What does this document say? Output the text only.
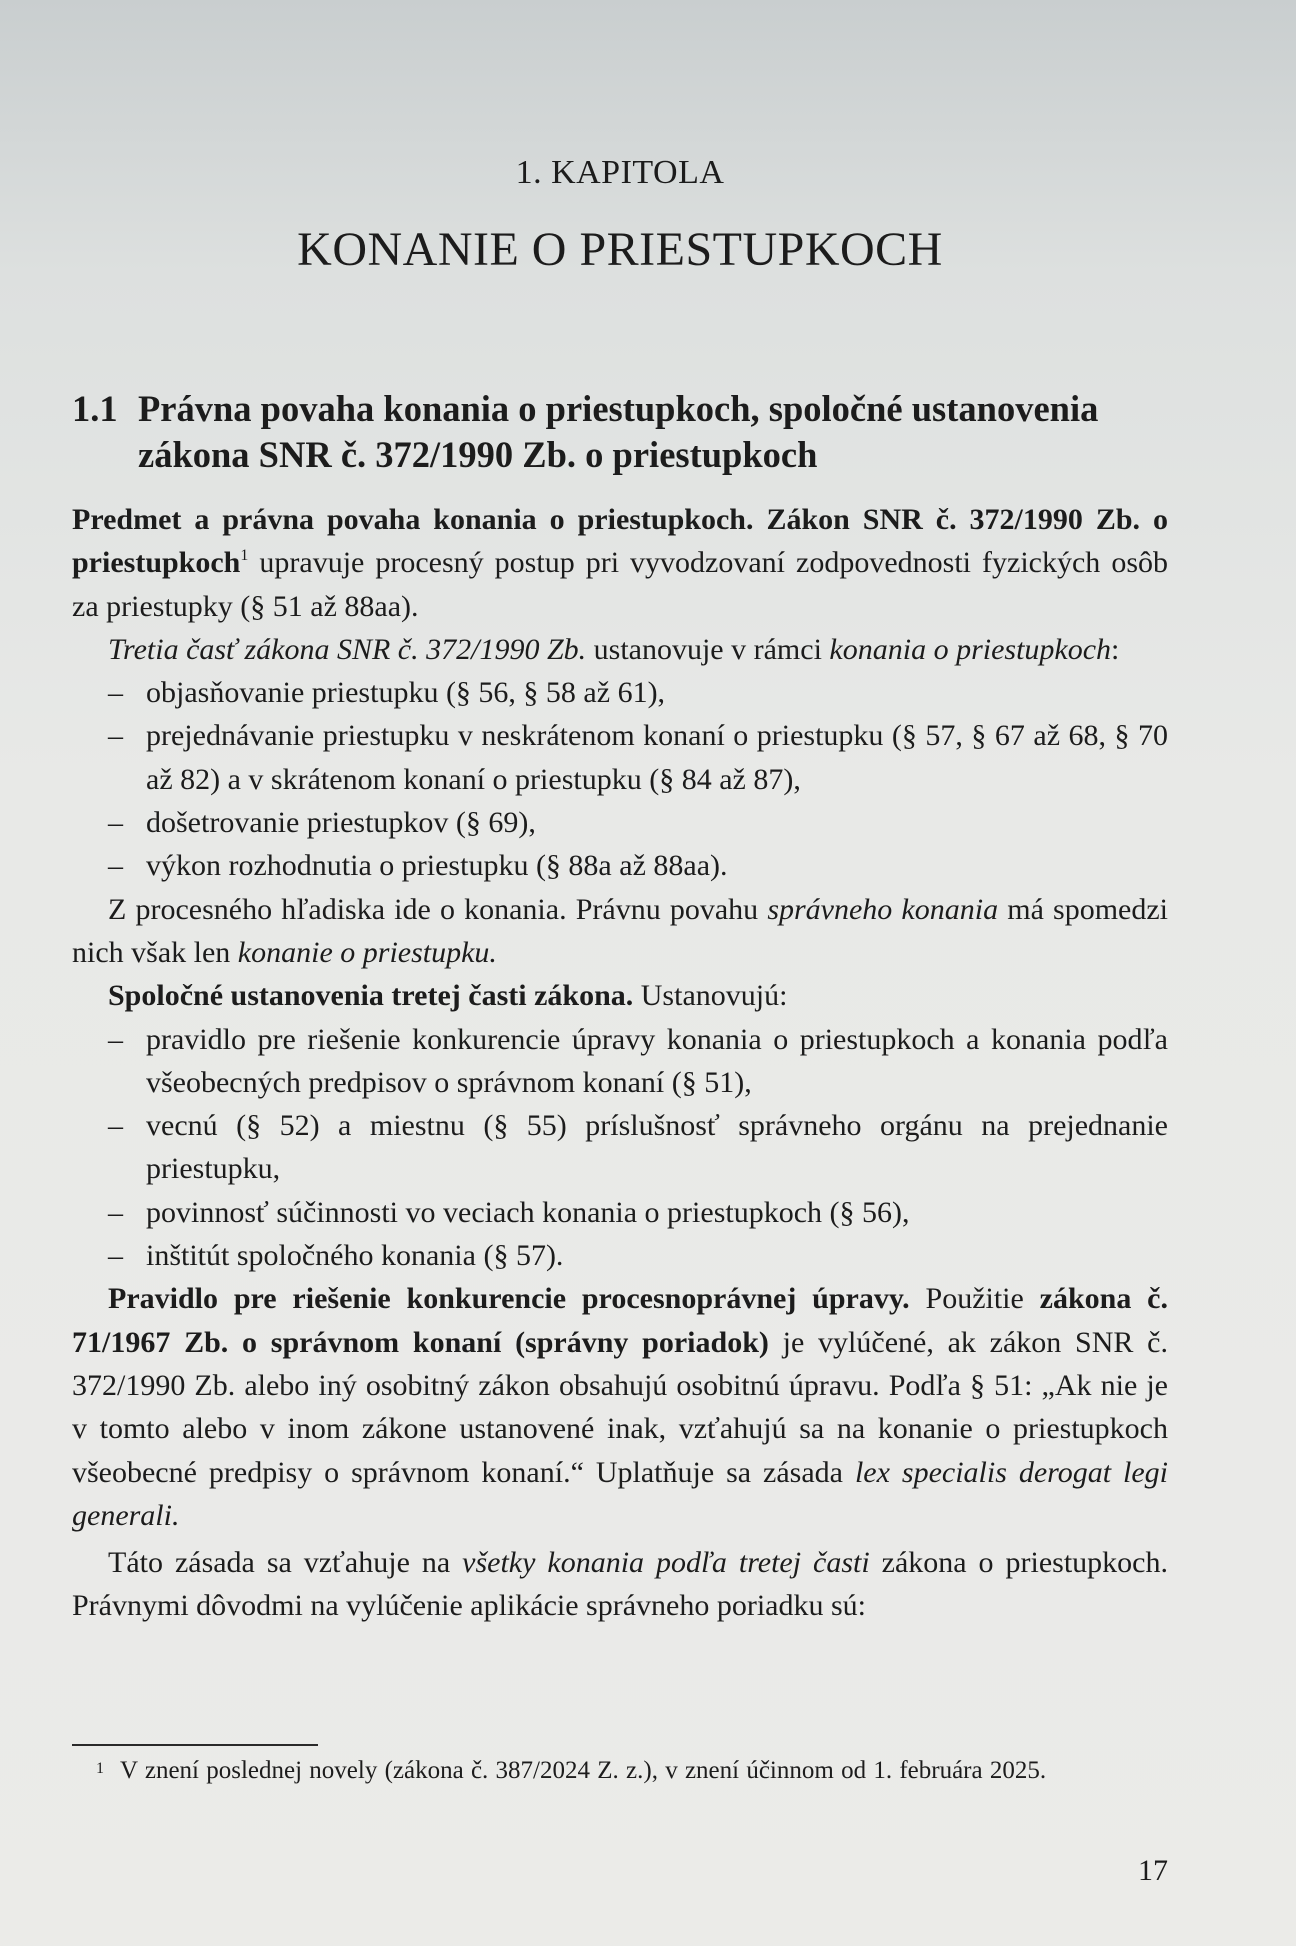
1. KAPITOLA
KONANIE O PRIESTUPKOCH
1.1 Právna povaha konania o priestupkoch, spoločné ustanovenia zákona SNR č. 372/1990 Zb. o priestupkoch

Predmet a právna povaha konania o priestupkoch. Zákon SNR č. 372/1990 Zb. o priestupkoch$^1$ upravuje procesný postup pri vyvodzovaní zodpovednosti fyzických osôb za priestupky (§ 51 až 88aa).

Tretia časť zákona SNR č. 372/1990 Zb. ustanovuje v rámci konania o priestupkoch:

– objasňovanie priestupku (§ 56, § 58 až 61),
– prejednávanie priestupku v neskrátenom konaní o priestupku (§ 57, § 67 až 68, § 70 až 82) a v skrátenom konaní o priestupku (§ 84 až 87),
– došetrovanie priestupkov (§ 69),
– výkon rozhodnutia o priestupku (§ 88a až 88aa).

Z procesného hľadiska ide o konania. Právnu povahu správneho konania má spomedzi nich však len konanie o priestupku.

Spoločné ustanovenia tretej časti zákona. Ustanovujú:

– pravidlo pre riešenie konkurencie úpravy konania o priestupkoch a konania podľa všeobecných predpisov o správnom konaní (§ 51),
– vecnú (§ 52) a miestnu (§ 55) príslušnosť správneho orgánu na prejednanie priestupku,
– povinnosť súčinnosti vo veciach konania o priestupkoch (§ 56),
– inštitút spoločného konania (§ 57).

Pravidlo pre riešenie konkurencie procesnoprávnej úpravy. Použitie zákona č. 71/1967 Zb. o správnom konaní (správny poriadok) je vylúčené, ak zákon SNR č. 372/1990 Zb. alebo iný osobitný zákon obsahujú osobitnú úpravu. Podľa § 51: „Ak nie je v tomto alebo v inom zákone ustanovené inak, vzťahujú sa na konanie o priestupkoch všeobecné predpisy o správnom konaní.“ Uplatňuje sa zásada lex specialis derogat legi generali.

Táto zásada sa vzťahuje na všetky konania podľa tretej časti zákona o priestupkoch. Právnymi dôvodmi na vylúčenie aplikácie správneho poriadku sú:

1 V znení poslednej novely (zákona č. 387/2024 Z. z.), v znení účinnom od 1. februára 2025.
17
